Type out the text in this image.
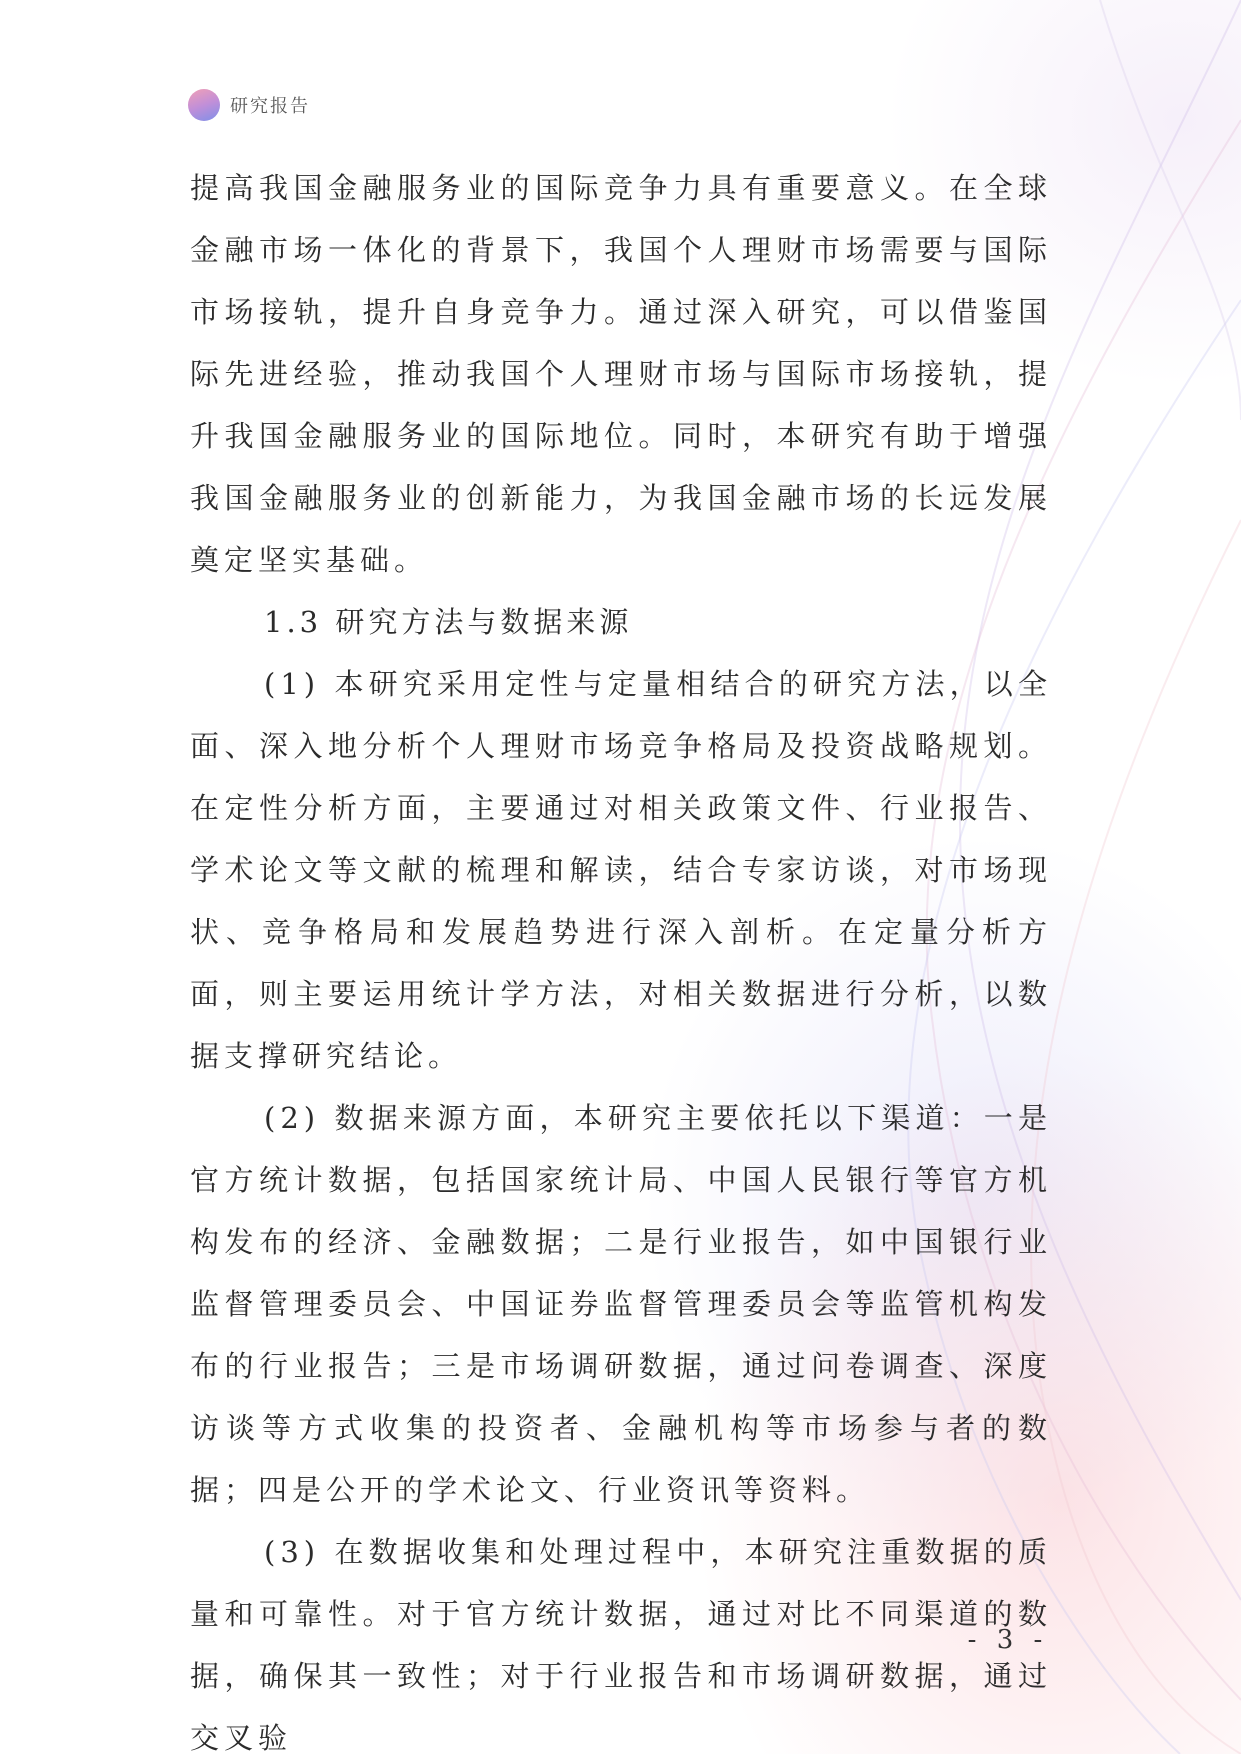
研究报告

提高我国金融服务业的国际竞争力具有重要意义。在全球金融市场一体化的背景下，我国个人理财市场需要与国际市场接轨，提升自身竞争力。通过深入研究，可以借鉴国际先进经验，推动我国个人理财市场与国际市场接轨，提升我国金融服务业的国际地位。同时，本研究有助于增强我国金融服务业的创新能力，为我国金融市场的长远发展奠定坚实基础。

1.3 研究方法与数据来源

(1) 本研究采用定性与定量相结合的研究方法，以全面、深入地分析个人理财市场竞争格局及投资战略规划。在定性分析方面，主要通过对相关政策文件、行业报告、学术论文等文献的梳理和解读，结合专家访谈，对市场现状、竞争格局和发展趋势进行深入剖析。在定量分析方面，则主要运用统计学方法，对相关数据进行分析，以数据支撑研究结论。

(2) 数据来源方面，本研究主要依托以下渠道：一是官方统计数据，包括国家统计局、中国人民银行等官方机构发布的经济、金融数据；二是行业报告，如中国银行业监督管理委员会、中国证券监督管理委员会等监管机构发布的行业报告；三是市场调研数据，通过问卷调查、深度访谈等方式收集的投资者、金融机构等市场参与者的数据；四是公开的学术论文、行业资讯等资料。

(3) 在数据收集和处理过程中，本研究注重数据的质量和可靠性。对于官方统计数据，通过对比不同渠道的数据，确保其一致性；对于行业报告和市场调研数据，通过交叉验

- 3 -
